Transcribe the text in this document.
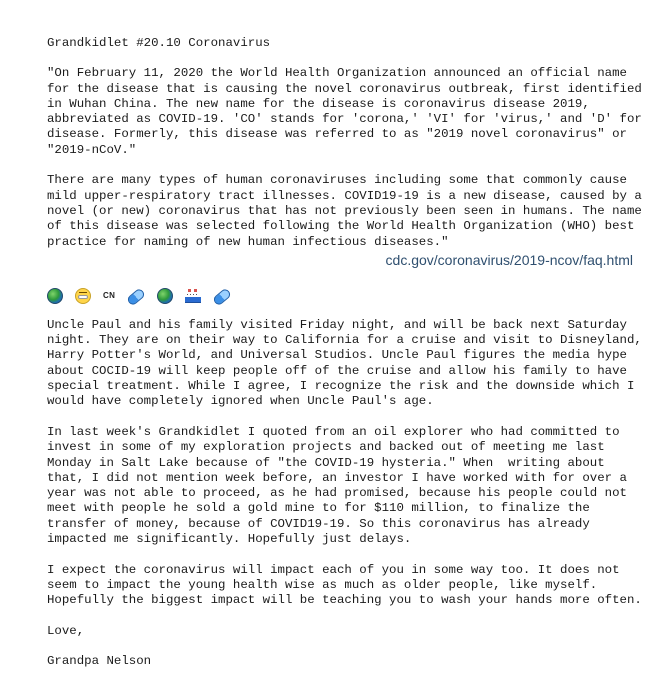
Grandkidlet #20.10 Coronavirus
"On February 11, 2020 the World Health Organization announced an official name for the disease that is causing the novel coronavirus outbreak, first identified in Wuhan China. The new name for the disease is coronavirus disease 2019, abbreviated as COVID-19. 'CO' stands for 'corona,' 'VI' for 'virus,' and 'D' for disease. Formerly, this disease was referred to as "2019 novel coronavirus" or "2019-nCoV."
There are many types of human coronaviruses including some that commonly cause mild upper-respiratory tract illnesses. COVID19-19 is a new disease, caused by a novel (or new) coronavirus that has not previously been seen in humans. The name of this disease was selected following the World Health Organization (WHO) best practice for naming of new human infectious diseases."
cdc.gov/coronavirus/2019-ncov/faq.html
CN
Uncle Paul and his family visited Friday night, and will be back next Saturday night. They are on their way to California for a cruise and visit to Disneyland, Harry Potter's World, and Universal Studios. Uncle Paul figures the media hype about COCID-19 will keep people off of the cruise and allow his family to have special treatment. While I agree, I recognize the risk and the downside which I would have completely ignored when Uncle Paul's age.
In last week's Grandkidlet I quoted from an oil explorer who had committed to invest in some of my exploration projects and backed out of meeting me last Monday in Salt Lake because of "the COVID-19 hysteria." When  writing about that, I did not mention week before, an investor I have worked with for over a year was not able to proceed, as he had promised, because his people could not meet with people he sold a gold mine to for $110 million, to finalize the transfer of money, because of COVID19-19. So this coronavirus has already impacted me significantly. Hopefully just delays.
I expect the coronavirus will impact each of you in some way too. It does not seem to impact the young health wise as much as older people, like myself. Hopefully the biggest impact will be teaching you to wash your hands more often.
Love,
Grandpa Nelson
